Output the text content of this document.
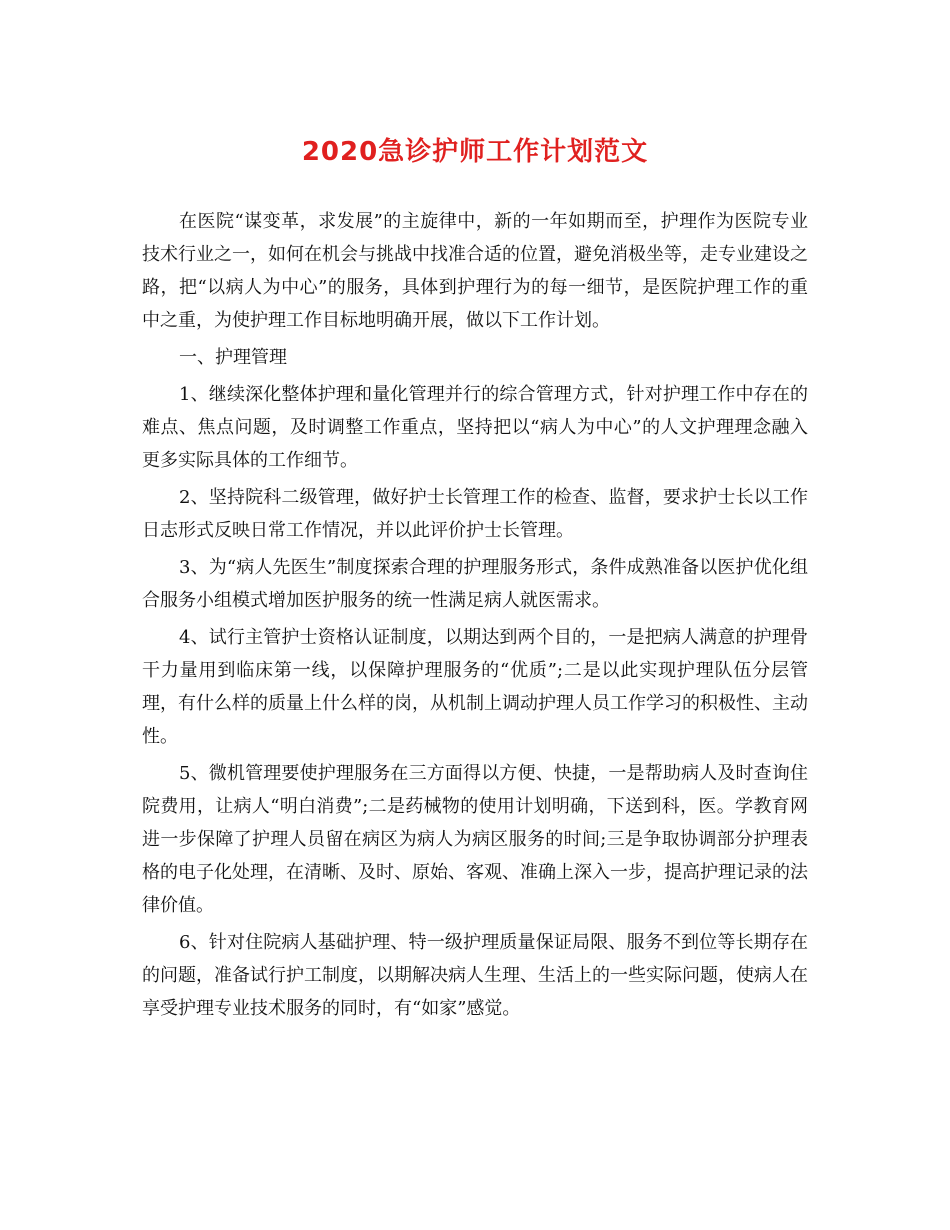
2020急诊护师工作计划范文

在医院“谋变革，求发展”的主旋律中，新的一年如期而至，护理作为医院专业技术行业之一，如何在机会与挑战中找准合适的位置，避免消极坐等，走专业建设之路，把“以病人为中心”的服务，具体到护理行为的每一细节，是医院护理工作的重中之重，为使护理工作目标地明确开展，做以下工作计划。

一、护理管理

1、继续深化整体护理和量化管理并行的综合管理方式，针对护理工作中存在的难点、焦点问题，及时调整工作重点，坚持把以“病人为中心”的人文护理理念融入更多实际具体的工作细节。

2、坚持院科二级管理，做好护士长管理工作的检查、监督，要求护士长以工作日志形式反映日常工作情况，并以此评价护士长管理。

3、为“病人先医生”制度探索合理的护理服务形式，条件成熟准备以医护优化组合服务小组模式增加医护服务的统一性满足病人就医需求。

4、试行主管护士资格认证制度，以期达到两个目的，一是把病人满意的护理骨干力量用到临床第一线，以保障护理服务的“优质”;二是以此实现护理队伍分层管理，有什么样的质量上什么样的岗，从机制上调动护理人员工作学习的积极性、主动性。

5、微机管理要使护理服务在三方面得以方便、快捷，一是帮助病人及时查询住院费用，让病人“明白消费”;二是药械物的使用计划明确，下送到科，医。学教育网进一步保障了护理人员留在病区为病人为病区服务的时间;三是争取协调部分护理表格的电子化处理，在清晰、及时、原始、客观、准确上深入一步，提高护理记录的法律价值。

6、针对住院病人基础护理、特一级护理质量保证局限、服务不到位等长期存在的问题，准备试行护工制度，以期解决病人生理、生活上的一些实际问题，使病人在享受护理专业技术服务的同时，有“如家”感觉。
